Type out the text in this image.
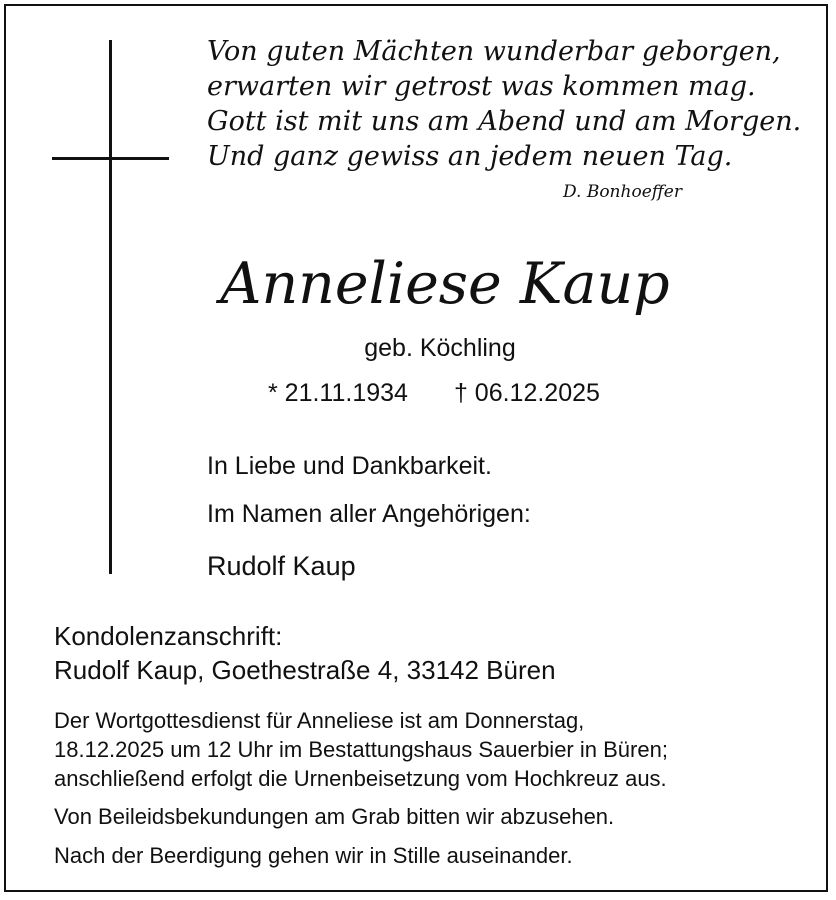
Von guten Mächten wunderbar geborgen,
erwarten wir getrost was kommen mag.
Gott ist mit uns am Abend und am Morgen.
Und ganz gewiss an jedem neuen Tag.
D. Bonhoeffer
Anneliese Kaup
geb. Köchling
* 21.11.1934 † 06.12.2025
In Liebe und Dankbarkeit.
Im Namen aller Angehörigen:
Rudolf Kaup
Kondolenzanschrift:
Rudolf Kaup, Goethestraße 4, 33142 Büren
Der Wortgottesdienst für Anneliese ist am Donnerstag,
18.12.2025 um 12 Uhr im Bestattungshaus Sauerbier in Büren;
anschließend erfolgt die Urnenbeisetzung vom Hochkreuz aus.
Von Beileidsbekundungen am Grab bitten wir abzusehen.
Nach der Beerdigung gehen wir in Stille auseinander.
